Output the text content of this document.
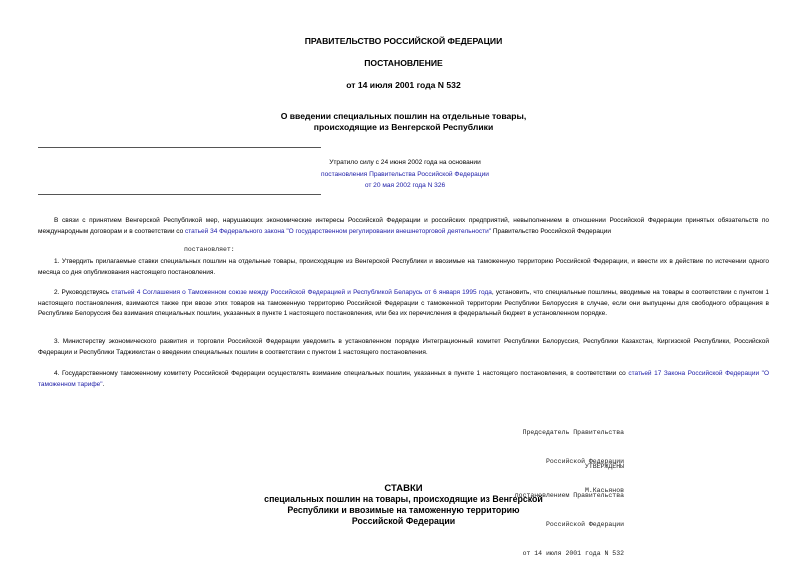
ПРАВИТЕЛЬСТВО РОССИЙСКОЙ ФЕДЕРАЦИИ
ПОСТАНОВЛЕНИЕ
от 14 июля 2001 года N 532
О введении специальных пошлин на отдельные товары,
происходящие из Венгерской Республики
Утратило силу с 24 июня 2002 года на основании
постановления Правительства Российской Федерации
от 20 мая 2002 года N 326
В связи с принятием Венгерской Республикой мер, нарушающих экономические интересы Российской Федерации и российских предприятий, невыполнением в отношении Российской Федерации принятых обязательств по международным договорам и в соответствии со статьей 34 Федерального закона "О государственном регулировании внешнеторговой деятельности" Правительство Российской Федерации
постановляет:
1. Утвердить прилагаемые ставки специальных пошлин на отдельные товары, происходящие из Венгерской Республики и ввозимые на таможенную территорию Российской Федерации, и ввести их в действие по истечении одного месяца со дня опубликования настоящего постановления.
2. Руководствуясь статьей 4 Соглашения о Таможенном союзе между Российской Федерацией и Республикой Беларусь от 6 января 1995 года, установить, что специальные пошлины, вводимые на товары в соответствии с пунктом 1 настоящего постановления, взимаются также при ввозе этих товаров на таможенную территорию Российской Федерации с таможенной территории Республики Белоруссия в случае, если они выпущены для свободного обращения в Республике Белоруссия без взимания специальных пошлин, указанных в пункте 1 настоящего постановления, или без их перечисления в федеральный бюджет в установленном порядке.
3. Министерству экономического развития и торговли Российской Федерации уведомить в установленном порядке Интеграционный комитет Республики Белоруссия, Республики Казахстан, Киргизской Республики, Российской Федерации и Республики Таджикистан о введении специальных пошлин в соответствии с пунктом 1 настоящего постановления.
4. Государственному таможенному комитету Российской Федерации осуществлять взимание специальных пошлин, указанных в пункте 1 настоящего постановления, в соответствии со статьей 17 Закона Российской Федерации "О таможенном тарифе".

Председатель Правительства

Российской Федерации

М.Касьянов

УТВЕРЖДЕНЫ

постановлением Правительства

Российской Федерации

от 14 июля 2001 года N 532

СТАВКИ
специальных пошлин на товары, происходящие из Венгерской
Республики и ввозимые на таможенную территорию
Российской Федерации
